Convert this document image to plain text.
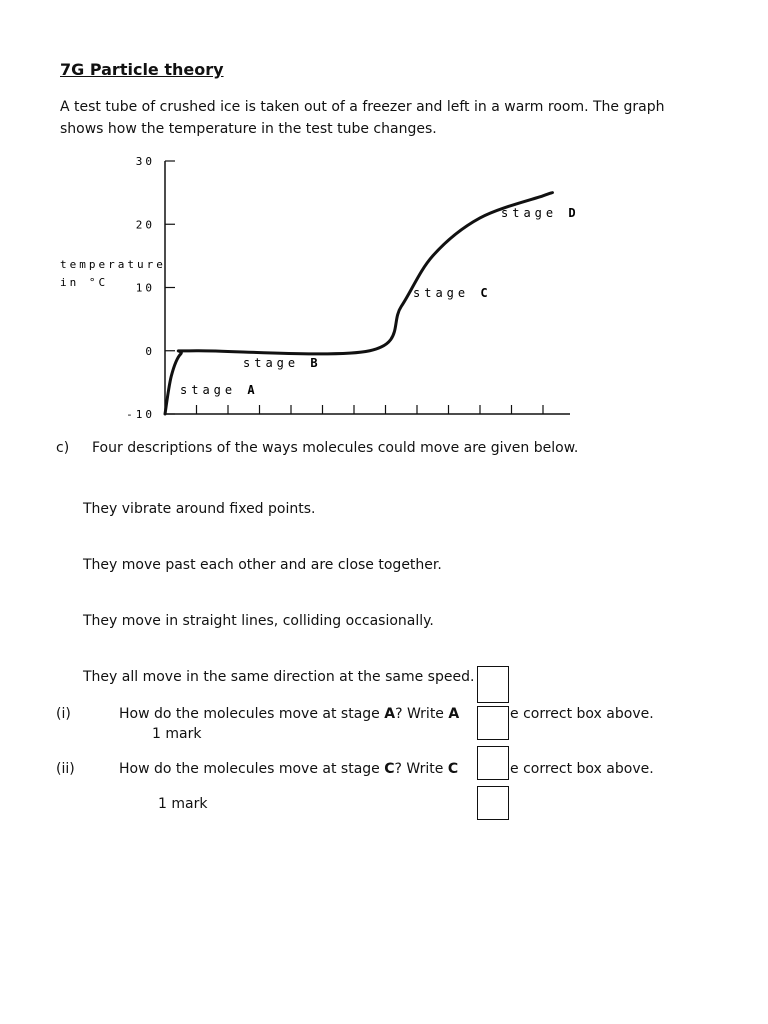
7G Particle theory
A test tube of crushed ice is taken out of a freezer and left in a warm room. The graph shows how the temperature in the test tube changes.
temperature
in °C
30
20
10
0
-10
stage A
stage B
stage C
stage D
c) Four descriptions of the ways molecules could move are given below.
They vibrate around fixed points.
They move past each other and are close together.
They move in straight lines, colliding occasionally.
They all move in the same direction at the same speed.
(i)	How do the molecules move at stage A? Write A	e correct box above.
1 mark
(ii)	How do the molecules move at stage C? Write C	e correct box above.
1 mark
